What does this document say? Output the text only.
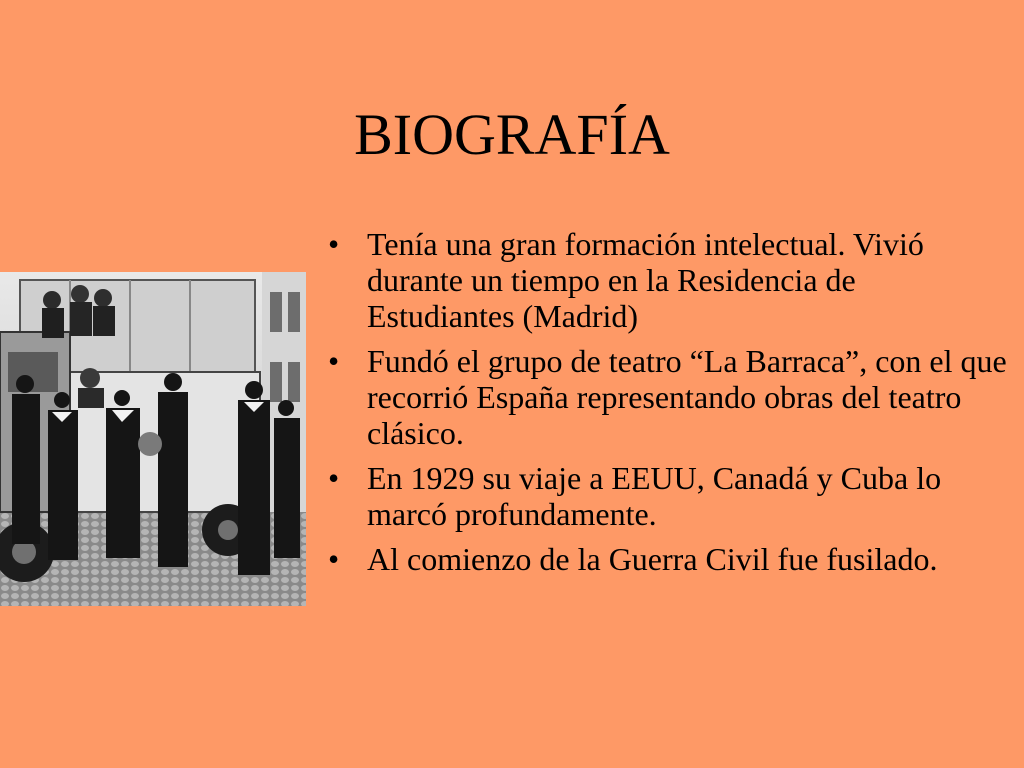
BIOGRAFÍA
• Tenía una gran formación intelectual. Vivió durante un tiempo en la Residencia de Estudiantes (Madrid)
• Fundó el grupo de teatro “La Barraca”, con el que recorrió España representando obras del teatro clásico.
• En 1929 su viaje a EEUU, Canadá y Cuba lo marcó profundamente.
• Al comienzo de la Guerra Civil fue fusilado.
